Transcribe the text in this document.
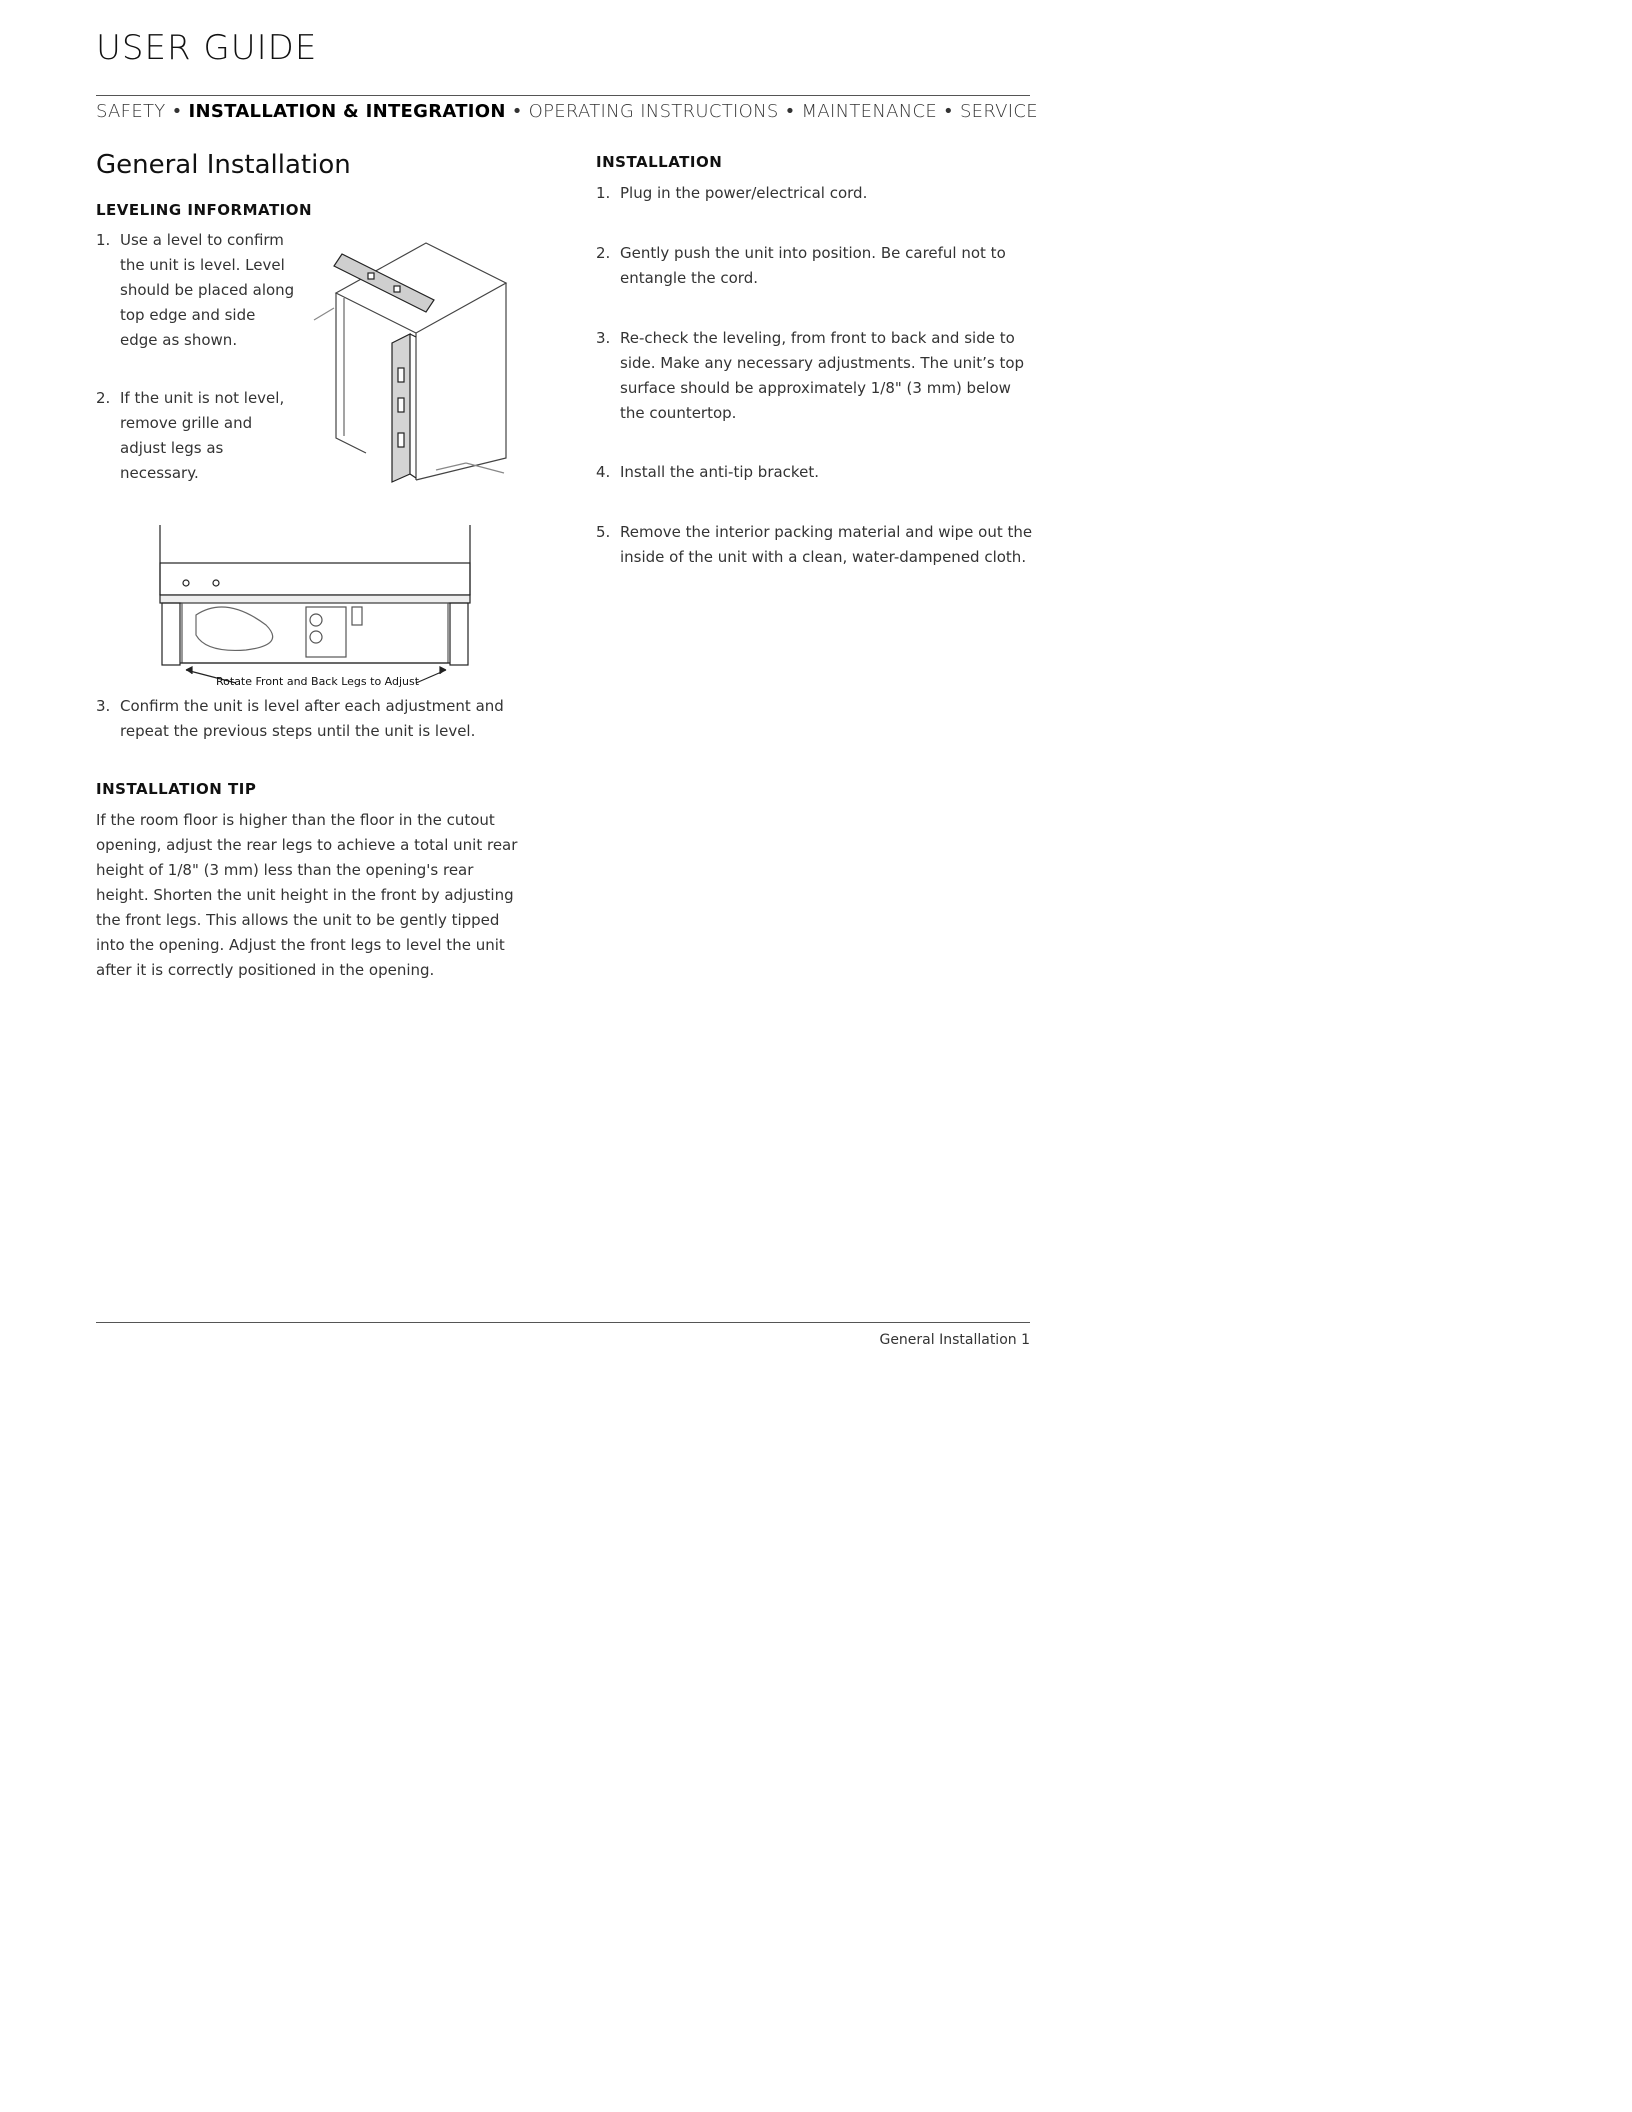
USER GUIDE
SAFETY • INSTALLATION & INTEGRATION • OPERATING INSTRUCTIONS • MAINTENANCE • SERVICE
General Installation
LEVELING INFORMATION
1. Use a level to confirm the unit is level. Level should be placed along top edge and side edge as shown.
2. If the unit is not level, remove grille and adjust legs as necessary.
Rotate Front and Back Legs to Adjust
3. Confirm the unit is level after each adjustment and repeat the previous steps until the unit is level.
INSTALLATION TIP
If the room floor is higher than the floor in the cutout opening, adjust the rear legs to achieve a total unit rear height of 1/8" (3 mm) less than the opening's rear height. Shorten the unit height in the front by adjusting the front legs. This allows the unit to be gently tipped into the opening. Adjust the front legs to level the unit after it is correctly positioned in the opening.
INSTALLATION
1. Plug in the power/electrical cord.
2. Gently push the unit into position. Be careful not to entangle the cord.
3. Re-check the leveling, from front to back and side to side. Make any necessary adjustments. The unit’s top surface should be approximately 1/8" (3 mm) below the countertop.
4. Install the anti-tip bracket.
5. Remove the interior packing material and wipe out the inside of the unit with a clean, water-dampened cloth.
General Installation 1
